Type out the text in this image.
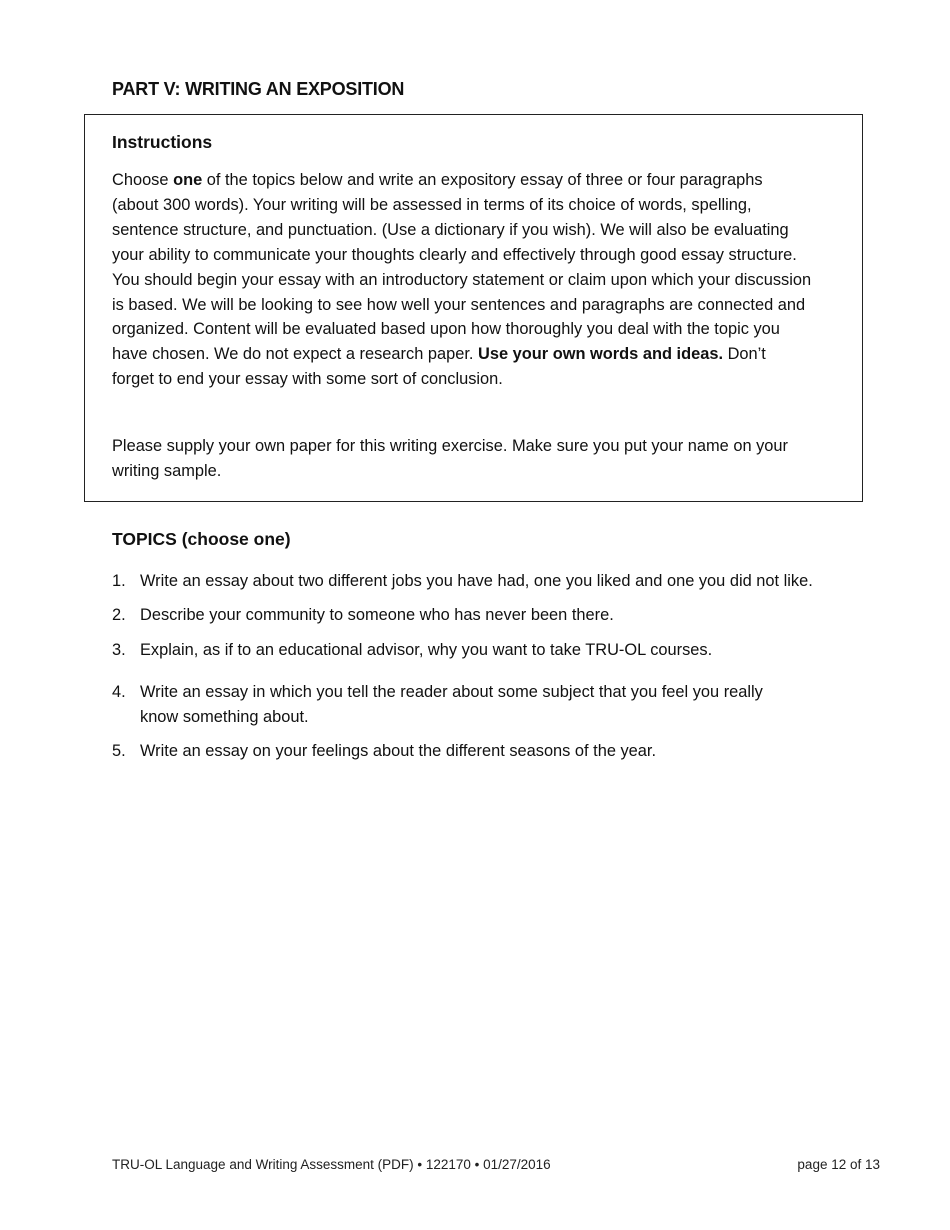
PART V: WRITING AN EXPOSITION
Instructions

Choose one of the topics below and write an expository essay of three or four paragraphs (about 300 words). Your writing will be assessed in terms of its choice of words, spelling, sentence structure, and punctuation. (Use a dictionary if you wish). We will also be evaluating your ability to communicate your thoughts clearly and effectively through good essay structure. You should begin your essay with an introductory statement or claim upon which your discussion is based. We will be looking to see how well your sentences and paragraphs are connected and organized. Content will be evaluated based upon how thoroughly you deal with the topic you have chosen. We do not expect a research paper. Use your own words and ideas. Don’t forget to end your essay with some sort of conclusion.

Please supply your own paper for this writing exercise. Make sure you put your name on your writing sample.

TOPICS (choose one)
1. Write an essay about two different jobs you have had, one you liked and one you did not like.
2. Describe your community to someone who has never been there.
3. Explain, as if to an educational advisor, why you want to take TRU-OL courses.
4. Write an essay in which you tell the reader about some subject that you feel you really know something about.
5. Write an essay on your feelings about the different seasons of the year.
TRU-OL Language and Writing Assessment (PDF) • 122170 • 01/27/2016	page 12 of 13
